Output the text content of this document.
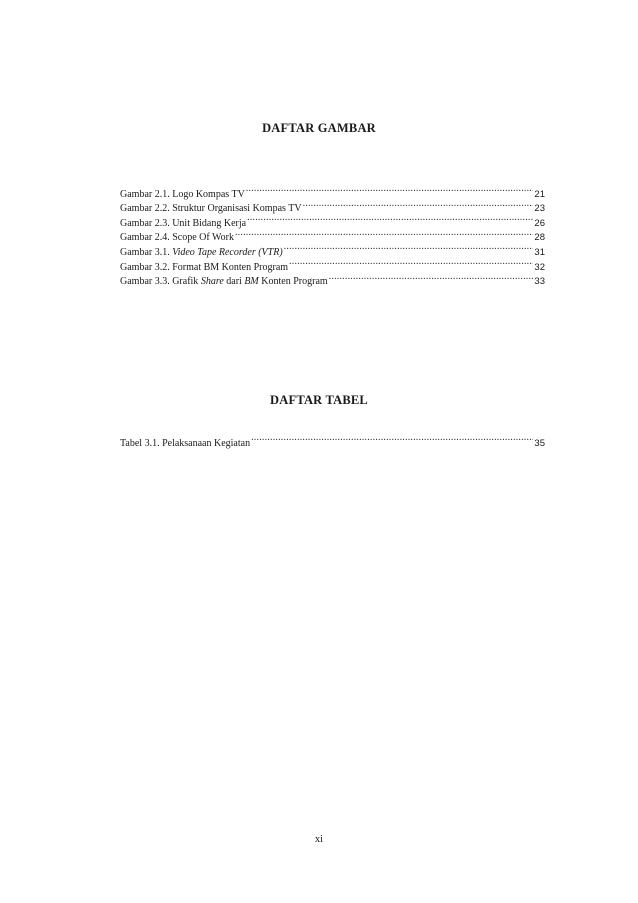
DAFTAR GAMBAR
Gambar 2.1. Logo Kompas TV .....	21
Gambar 2.2. Struktur Organisasi Kompas TV .....	23
Gambar 2.3. Unit Bidang Kerja .....	26
Gambar 2.4. Scope Of Work .....	28
Gambar 3.1. Video Tape Recorder (VTR) .....	31
Gambar 3.2. Format BM Konten Program .....	32
Gambar 3.3. Grafik Share dari BM Konten Program .....	33
DAFTAR TABEL
Tabel 3.1. Pelaksanaan Kegiatan .....	35
xi
